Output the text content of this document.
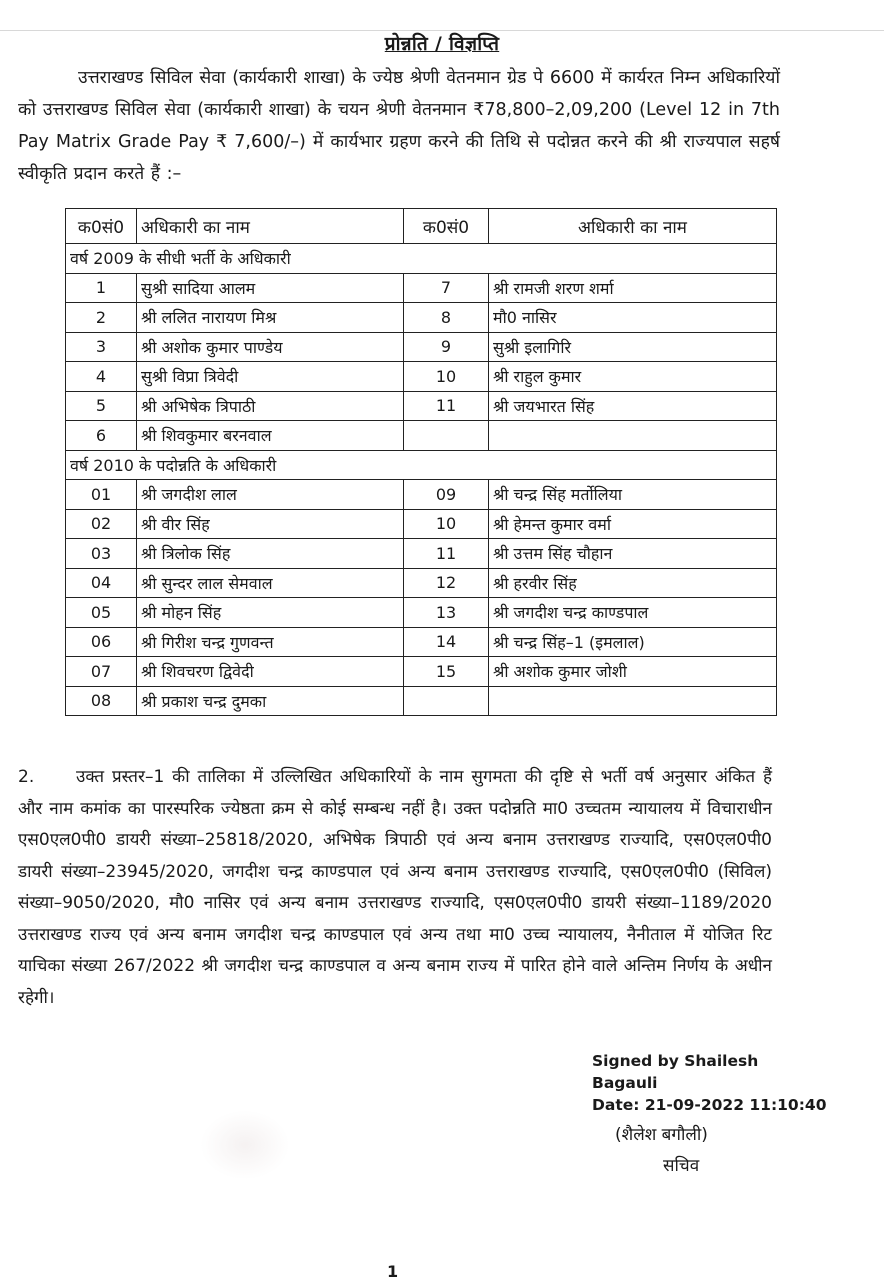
प्रोन्नति / विज्ञप्ति
उत्तराखण्ड सिविल सेवा (कार्यकारी शाखा) के ज्येष्ठ श्रेणी वेतनमान ग्रेड पे 6600 में कार्यरत निम्न अधिकारियों को उत्तराखण्ड सिविल सेवा (कार्यकारी शाखा) के चयन श्रेणी वेतनमान ₹78,800–2,09,200 (Level 12 in 7th Pay Matrix Grade Pay ₹ 7,600/–) में कार्यभार ग्रहण करने की तिथि से पदोन्नत करने की श्री राज्यपाल सहर्ष स्वीकृति प्रदान करते हैं :–
क0सं0	अधिकारी का नाम	क0सं0	अधिकारी का नाम
वर्ष 2009 के सीधी भर्ती के अधिकारी			
1	सुश्री सादिया आलम	7	श्री रामजी शरण शर्मा
2	श्री ललित नारायण मिश्र	8	मौ0 नासिर
3	श्री अशोक कुमार पाण्डेय	9	सुश्री इलागिरि
4	सुश्री विप्रा त्रिवेदी	10	श्री राहुल कुमार
5	श्री अभिषेक त्रिपाठी	11	श्री जयभारत सिंह
6	श्री शिवकुमार बरनवाल		
वर्ष 2010 के पदोन्नति के अधिकारी			
01	श्री जगदीश लाल	09	श्री चन्द्र सिंह मर्तोलिया
02	श्री वीर सिंह	10	श्री हेमन्त कुमार वर्मा
03	श्री त्रिलोक सिंह	11	श्री उत्तम सिंह चौहान
04	श्री सुन्दर लाल सेमवाल	12	श्री हरवीर सिंह
05	श्री मोहन सिंह	13	श्री जगदीश चन्द्र काण्डपाल
06	श्री गिरीश चन्द्र गुणवन्त	14	श्री चन्द्र सिंह–1 (इमलाल)
07	श्री शिवचरण द्विवेदी	15	श्री अशोक कुमार जोशी
08	श्री प्रकाश चन्द्र दुमका		
2. उक्त प्रस्तर–1 की तालिका में उल्लिखित अधिकारियों के नाम सुगमता की दृष्टि से भर्ती वर्ष अनुसार अंकित हैं और नाम कमांक का पारस्परिक ज्येष्ठता क्रम से कोई सम्बन्ध नहीं है। उक्त पदोन्नति मा0 उच्चतम न्यायालय में विचाराधीन एस0एल0पी0 डायरी संख्या–25818/2020, अभिषेक त्रिपाठी एवं अन्य बनाम उत्तराखण्ड राज्यादि, एस0एल0पी0 डायरी संख्या–23945/2020, जगदीश चन्द्र काण्डपाल एवं अन्य बनाम उत्तराखण्ड राज्यादि, एस0एल0पी0 (सिविल) संख्या–9050/2020, मौ0 नासिर एवं अन्य बनाम उत्तराखण्ड राज्यादि, एस0एल0पी0 डायरी संख्या–1189/2020 उत्तराखण्ड राज्य एवं अन्य बनाम जगदीश चन्द्र काण्डपाल एवं अन्य तथा मा0 उच्च न्यायालय, नैनीताल में योजित रिट याचिका संख्या 267/2022 श्री जगदीश चन्द्र काण्डपाल व अन्य बनाम राज्य में पारित होने वाले अन्तिम निर्णय के अधीन रहेगी।
Signed by Shailesh
Bagauli
Date: 21-09-2022 11:10:40
(शैलेश बगौली)
सचिव
1
